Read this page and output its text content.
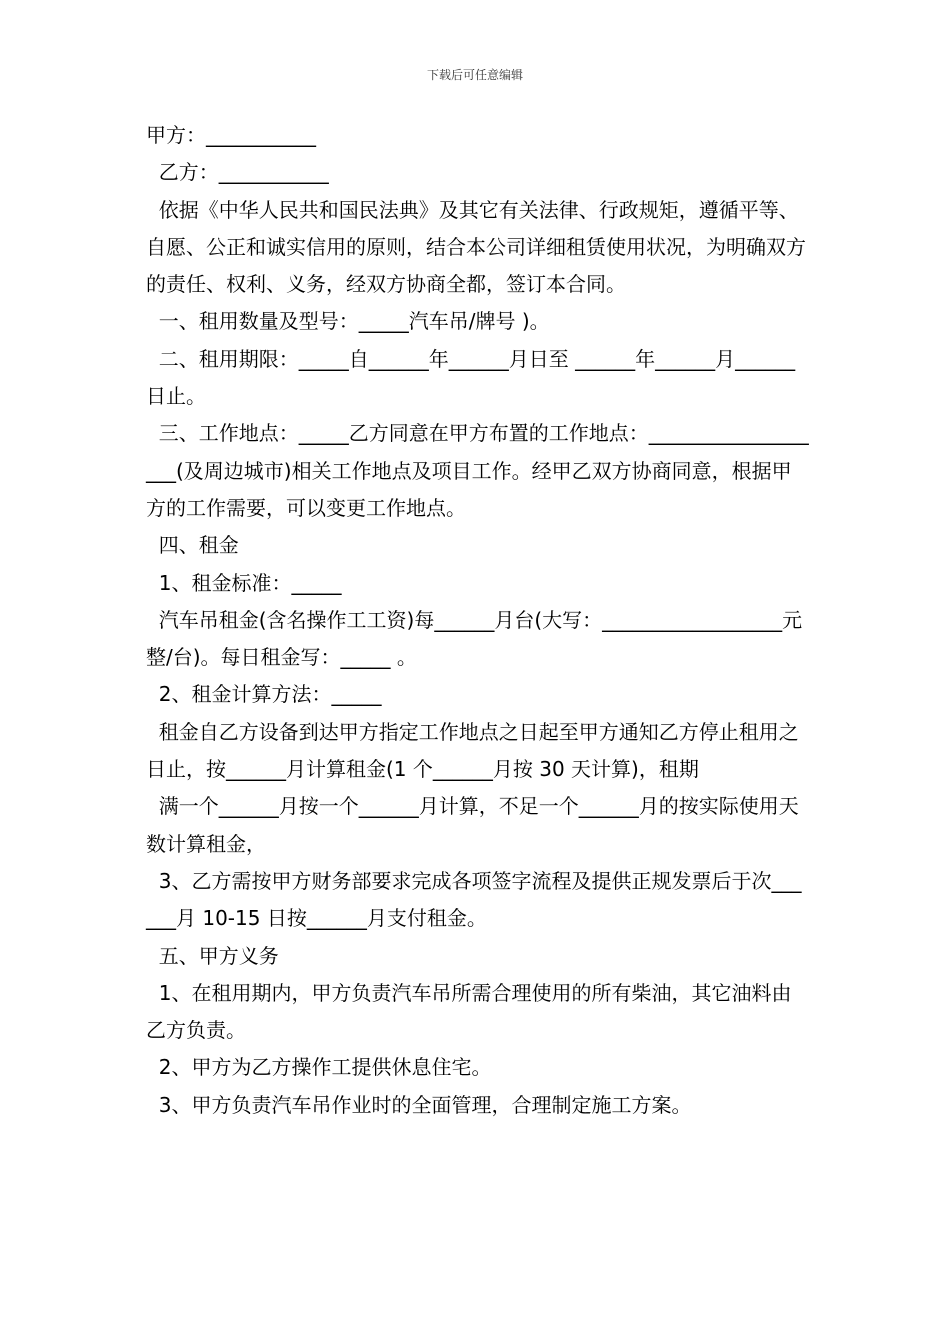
下载后可任意编辑

甲方：___________

乙方：___________

依据《中华人民共和国民法典》及其它有关法律、行政规矩，遵循平等、自愿、公正和诚实信用的原则，结合本公司详细租赁使用状况，为明确双方的责任、权利、义务，经双方协商全都，签订本合同。

一、租用数量及型号：_____汽车吊/牌号 )。

二、租用期限：_____自______年______月日至 ______年______月______日止。

三、工作地点：_____乙方同意在甲方布置的工作地点：___________________(及周边城市)相关工作地点及项目工作。经甲乙双方协商同意，根据甲方的工作需要，可以变更工作地点。

四、租金

1、租金标准：_____

汽车吊租金(含名操作工工资)每______月台(大写：__________________元整/台)。每日租金写：_____ 。

2、租金计算方法：_____

租金自乙方设备到达甲方指定工作地点之日起至甲方通知乙方停止租用之日止，按______月计算租金(1 个______月按 30 天计算)，租期

满一个______月按一个______月计算，不足一个______月的按实际使用天数计算租金，

3、乙方需按甲方财务部要求完成各项签字流程及提供正规发票后于次______月 10-15 日按______月支付租金。

五、甲方义务

1、在租用期内，甲方负责汽车吊所需合理使用的所有柴油，其它油料由乙方负责。

2、甲方为乙方操作工提供休息住宅。

3、甲方负责汽车吊作业时的全面管理，合理制定施工方案。
